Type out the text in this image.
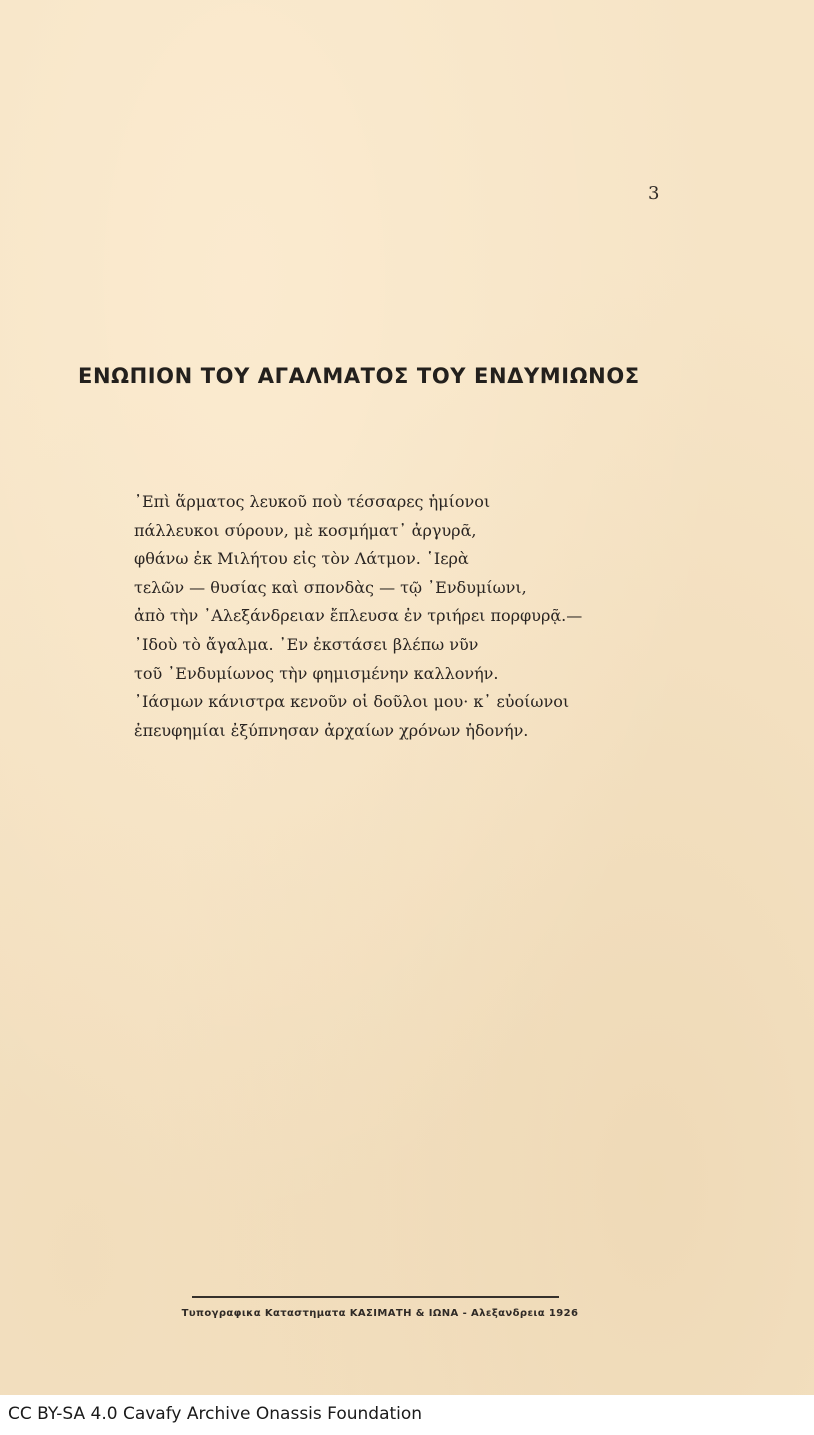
3
ΕΝΩΠΙΟΝ ΤΟΥ ΑΓΑΛΜΑΤΟΣ ΤΟΥ ΕΝΔΥΜΙΩΝΟΣ
᾿Επὶ ἅρματος λευκοῦ ποὺ τέσσαρες ἡμίονοι
πάλλευκοι σύρουν, μὲ κοσμήματ᾿ ἀργυρᾶ,
φθάνω ἐκ Μιλήτου εἰς τὸν Λάτμον. ῾Ιερὰ
τελῶν — θυσίας καὶ σπονδὰς — τῷ ᾿Ενδυμίωνι,
ἀπὸ τὴν ᾿Αλεξάνδρειαν ἔπλευσα ἐν τριήρει πορφυρᾷ.—
᾿Ιδοὺ τὸ ἄγαλμα. ᾿Εν ἐκστάσει βλέπω νῦν
τοῦ ᾿Ενδυμίωνος τὴν φημισμένην καλλονήν.
᾿Ιάσμων κάνιστρα κενοῦν οἱ δοῦλοι μου· κ᾿ εὐοίωνοι
ἐπευφημίαι ἐξύπνησαν ἀρχαίων χρόνων ἡδονήν.
Τυπογραφικα Καταστηματα ΚΑΣΙΜΑΤΗ & ΙΩΝΑ - Αλεξανδρεια 1926
CC BY-SA 4.0 Cavafy Archive Onassis Foundation
